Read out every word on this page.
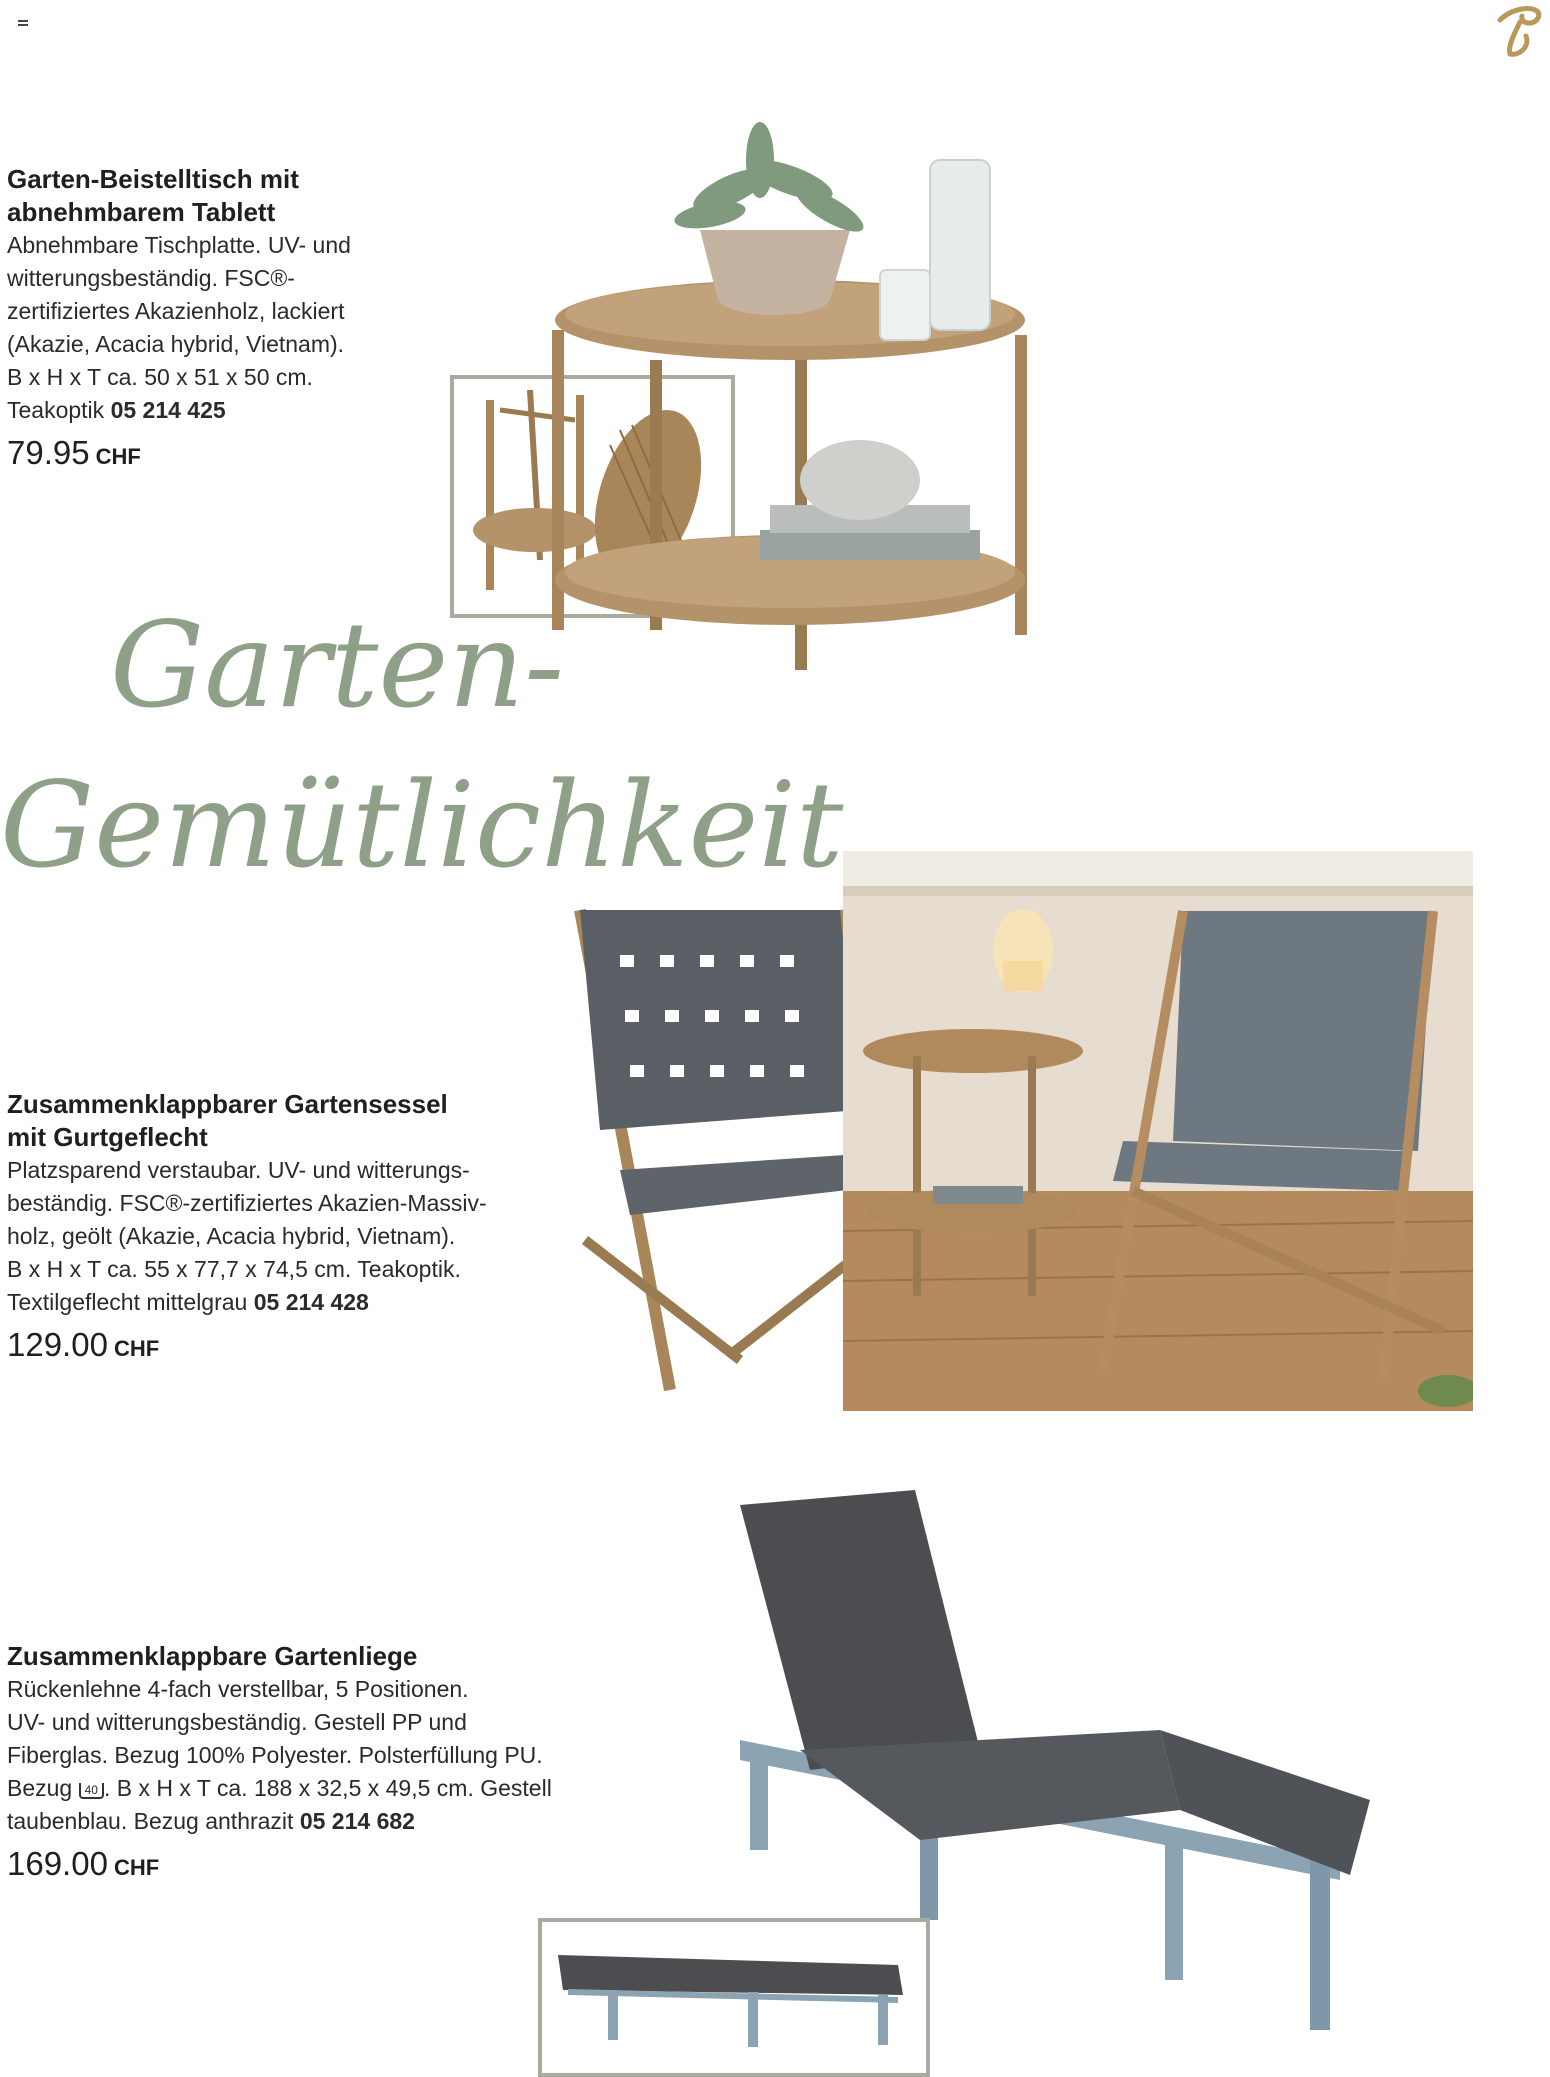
Garten-Beistelltisch mit
abnehmbarem Tablett
Abnehmbare Tischplatte. UV- und
witterungsbeständig. FSC®-
zertifiziertes Akazienholz, lackiert
(Akazie, Acacia hybrid, Vietnam).
B x H x T ca. 50 x 51 x 50 cm.
Teakoptik 05 214 425
79.95 CHF
Garten-
Gemütlichkeit
Zusammenklappbarer Gartensessel
mit Gurtgeflecht
Platzsparend verstaubar. UV- und witterungs-
beständig. FSC®-zertifiziertes Akazien-Massiv-
holz, geölt (Akazie, Acacia hybrid, Vietnam).
B x H x T ca. 55 x 77,7 x 74,5 cm. Teakoptik.
Textilgeflecht mittelgrau 05 214 428
129.00 CHF
Zusammenklappbare Gartenliege
Rückenlehne 4-fach verstellbar, 5 Positionen.
UV- und witterungsbeständig. Gestell PP und
Fiberglas. Bezug 100% Polyester. Polsterfüllung PU.
Bezug 40 . B x H x T ca. 188 x 32,5 x 49,5 cm. Gestell
taubenblau. Bezug anthrazit 05 214 682
169.00 CHF
